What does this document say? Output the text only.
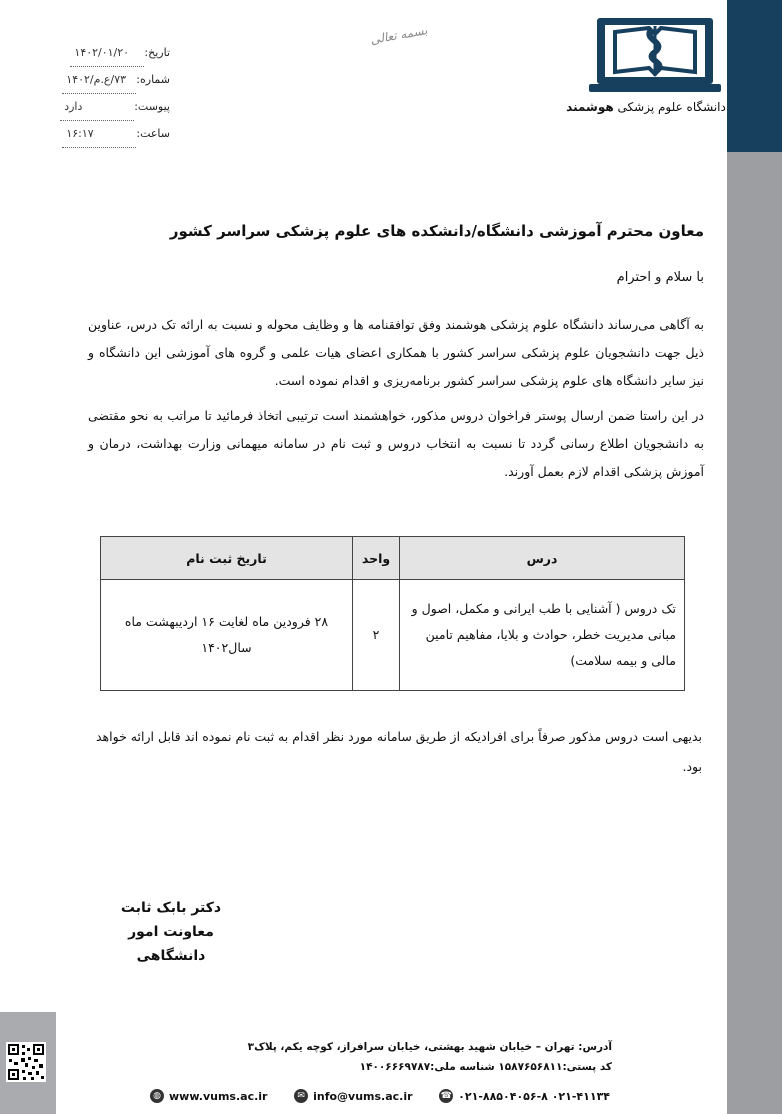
دانشگاه علوم پزشکی هوشمند
بسمه تعالی
تاریخ:
۱۴۰۲/۰۱/۲۰
شماره:
۷۳/ع.م/۱۴۰۲
پیوست:
دارد
ساعت:
۱۶:۱۷
معاون محترم آموزشی دانشگاه/دانشکده های علوم پزشکی سراسر کشور
با سلام و احترام
به آگاهی می‌رساند دانشگاه علوم پزشکی هوشمند وفق توافقنامه ها و وظایف محوله و نسبت به ارائه تک درس، عناوین ذیل جهت دانشجویان علوم پزشکی سراسر کشور با همکاری اعضای هیات علمی و گروه های آموزشی این دانشگاه و نیز سایر دانشگاه های علوم پزشکی سراسر کشور برنامه‌ریزی و اقدام نموده است.
در این راستا ضمن ارسال پوستر فراخوان دروس مذکور، خواهشمند است ترتیبی اتخاذ فرمائید تا مراتب به نحو مقتضی به دانشجویان اطلاع رسانی گردد تا نسبت به انتخاب دروس و ثبت نام در سامانه میهمانی وزارت بهداشت، درمان و آموزش پزشکی اقدام لازم بعمل آورند.
درس	واحد	تاریخ ثبت نام
تک دروس ( آشنایی با طب ایرانی و مکمل، اصول و مبانی مدیریت خطر، حوادث و بلایا، مفاهیم تامین مالی و بیمه سلامت)	۲	۲۸ فرودین ماه لغایت ۱۶ اردیبهشت ماه سال۱۴۰۲
بدیهی است دروس مذکور صرفاً برای افرادیکه از طریق سامانه مورد نظر اقدام به ثبت نام نموده اند قابل ارائه خواهد بود.
دکتر بابک ثابت
معاونت امور دانشگاهی
آدرس: تهران – خیابان شهید بهشتی، خیابان سرافراز، کوچه یکم، پلاک۳
کد پستی:۱۵۸۷۶۵۶۸۱۱ شناسه ملی:۱۴۰۰۶۶۶۹۷۸۷
◍ www.vums.ac.ir	✉ info@vums.ac.ir	☎ ۰۲۱-۴۱۱۳۴ ۰۲۱-۸۸۵۰۴۰۵۶-۸
